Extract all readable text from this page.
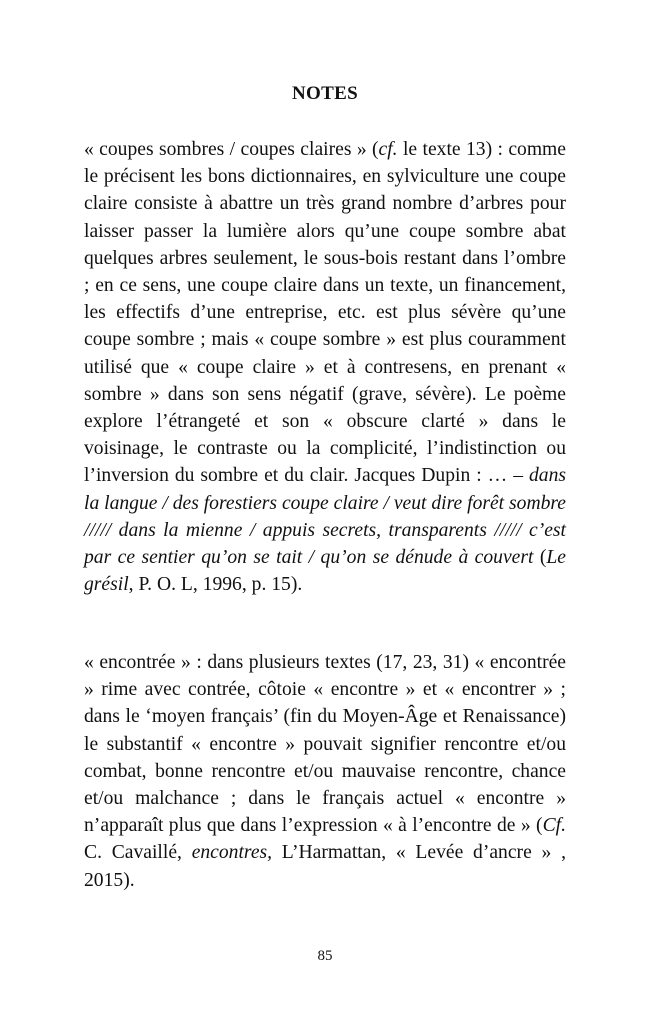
NOTES
« coupes sombres / coupes claires » (cf. le texte 13) : comme le précisent les bons dictionnaires, en sylviculture une coupe claire consiste à abattre un très grand nombre d’arbres pour laisser passer la lumière alors qu’une coupe sombre abat quelques arbres seulement, le sous-bois restant dans l’ombre ; en ce sens, une coupe claire dans un texte, un financement, les effectifs d’une entreprise, etc. est plus sévère qu’une coupe sombre ; mais « coupe sombre » est plus couramment utilisé que « coupe claire » et à contresens, en prenant « sombre » dans son sens négatif (grave, sévère). Le poème explore l’étrangeté et son « obscure clarté » dans le voisinage, le contraste ou la complicité, l’indistinction ou l’inversion du sombre et du clair. Jacques Dupin : … – dans la langue / des forestiers coupe claire / veut dire forêt sombre ///// dans la mienne / appuis secrets, transparents ///// c’est par ce sentier qu’on se tait / qu’on se dénude à couvert (Le grésil, P. O. L, 1996, p. 15).
« encontrée » : dans plusieurs textes (17, 23, 31) « encontrée » rime avec contrée, côtoie « encontre » et « encontrer » ; dans le ‘moyen français’ (fin du Moyen-Âge et Renaissance) le substantif « encontre » pouvait signifier rencontre et/ou combat, bonne rencontre et/ou mauvaise rencontre, chance et/ou malchance ; dans le français actuel « encontre » n’apparaît plus que dans l’expression « à l’encontre de » (Cf. C. Cavaillé, encontres, L’Harmattan, « Levée d’ancre » , 2015).
85
